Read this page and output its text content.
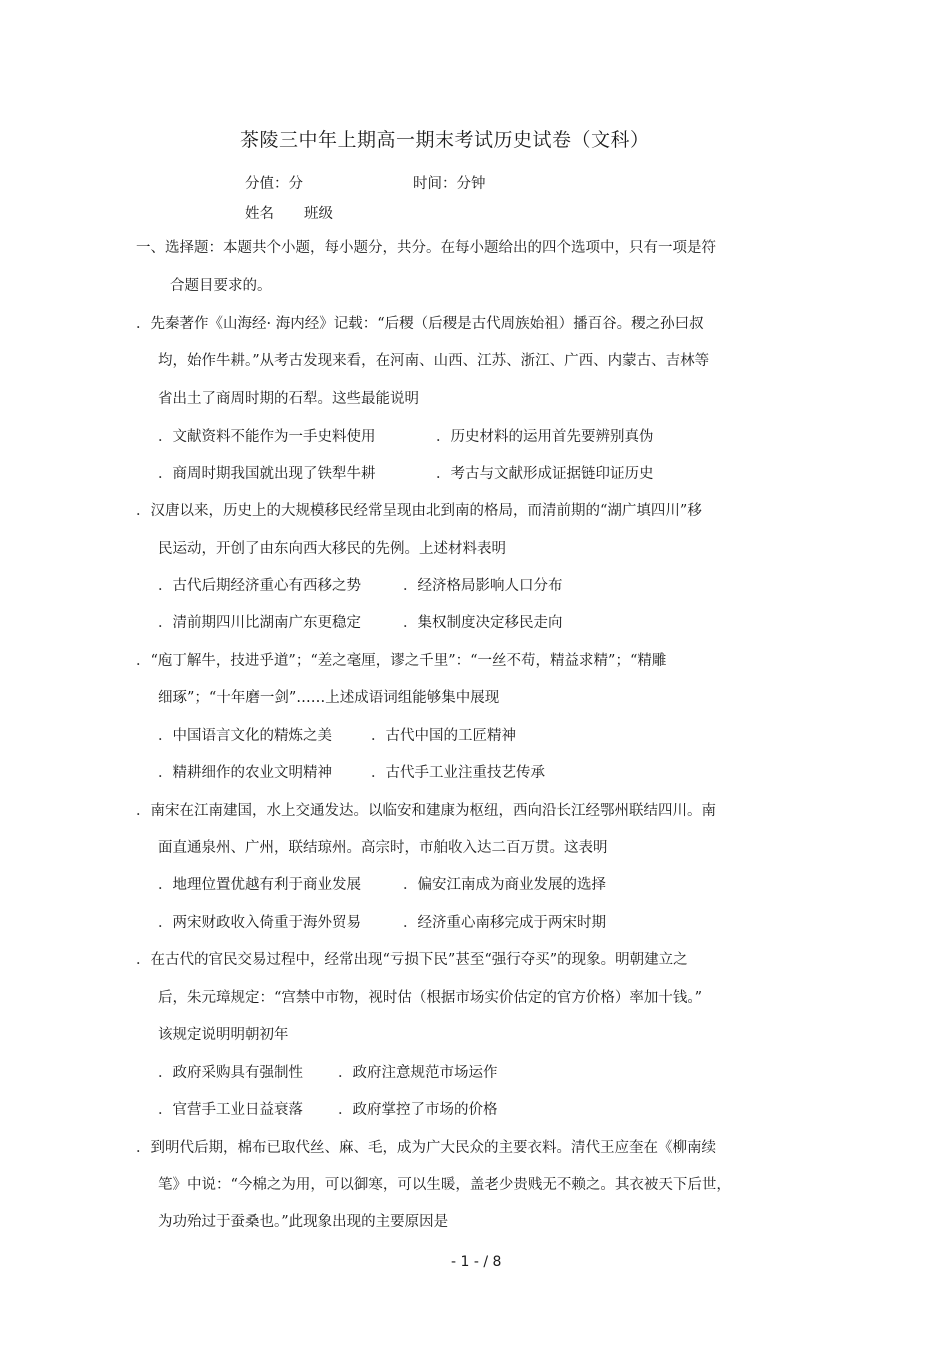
茶陵三中年上期高一期末考试历史试卷（文科）
分值：分	时间：分钟
姓名 班级
一、选择题：本题共个小题，每小题分，共分。在每小题给出的四个选项中，只有一项是符
合题目要求的。
．先秦著作《山海经· 海内经》记载：“后稷（后稷是古代周族始祖）播百谷。稷之孙曰叔
均，始作牛耕。”从考古发现来看，在河南、山西、江苏、浙江、广西、内蒙古、吉林等
省出土了商周时期的石犁。这些最能说明
．文献资料不能作为一手史料使用	．历史材料的运用首先要辨别真伪
．商周时期我国就出现了铁犁牛耕	．考古与文献形成证据链印证历史
．汉唐以来，历史上的大规模移民经常呈现由北到南的格局，而清前期的“湖广填四川”移
民运动，开创了由东向西大移民的先例。上述材料表明
．古代后期经济重心有西移之势	．经济格局影响人口分布
．清前期四川比湖南广东更稳定	．集权制度决定移民走向
．“庖丁解牛，技进乎道”；“差之毫厘，谬之千里”：“一丝不苟，精益求精”；“精雕
细琢”；“十年磨一剑”……上述成语词组能够集中展现
．中国语言文化的精炼之美	．古代中国的工匠精神
．精耕细作的农业文明精神	．古代手工业注重技艺传承
．南宋在江南建国，水上交通发达。以临安和建康为枢纽，西向沿长江经鄂州联结四川。南
面直通泉州、广州，联结琼州。高宗时，市舶收入达二百万贯。这表明
．地理位置优越有利于商业发展	．偏安江南成为商业发展的选择
．两宋财政收入倚重于海外贸易	．经济重心南移完成于两宋时期
．在古代的官民交易过程中，经常出现“亏损下民”甚至“强行夺买”的现象。明朝建立之
后，朱元璋规定：“宫禁中市物，视时估（根据市场实价估定的官方价格）率加十钱。”
该规定说明明朝初年
．政府采购具有强制性 ．政府注意规范市场运作
．官营手工业日益衰落 ．政府掌控了市场的价格
．到明代后期，棉布已取代丝、麻、毛，成为广大民众的主要衣料。清代王应奎在《柳南续
笔》中说：“今棉之为用，可以御寒，可以生暖，盖老少贵贱无不赖之。其衣被天下后世，
为功殆过于蚕桑也。”此现象出现的主要原因是
- 1 - / 8
